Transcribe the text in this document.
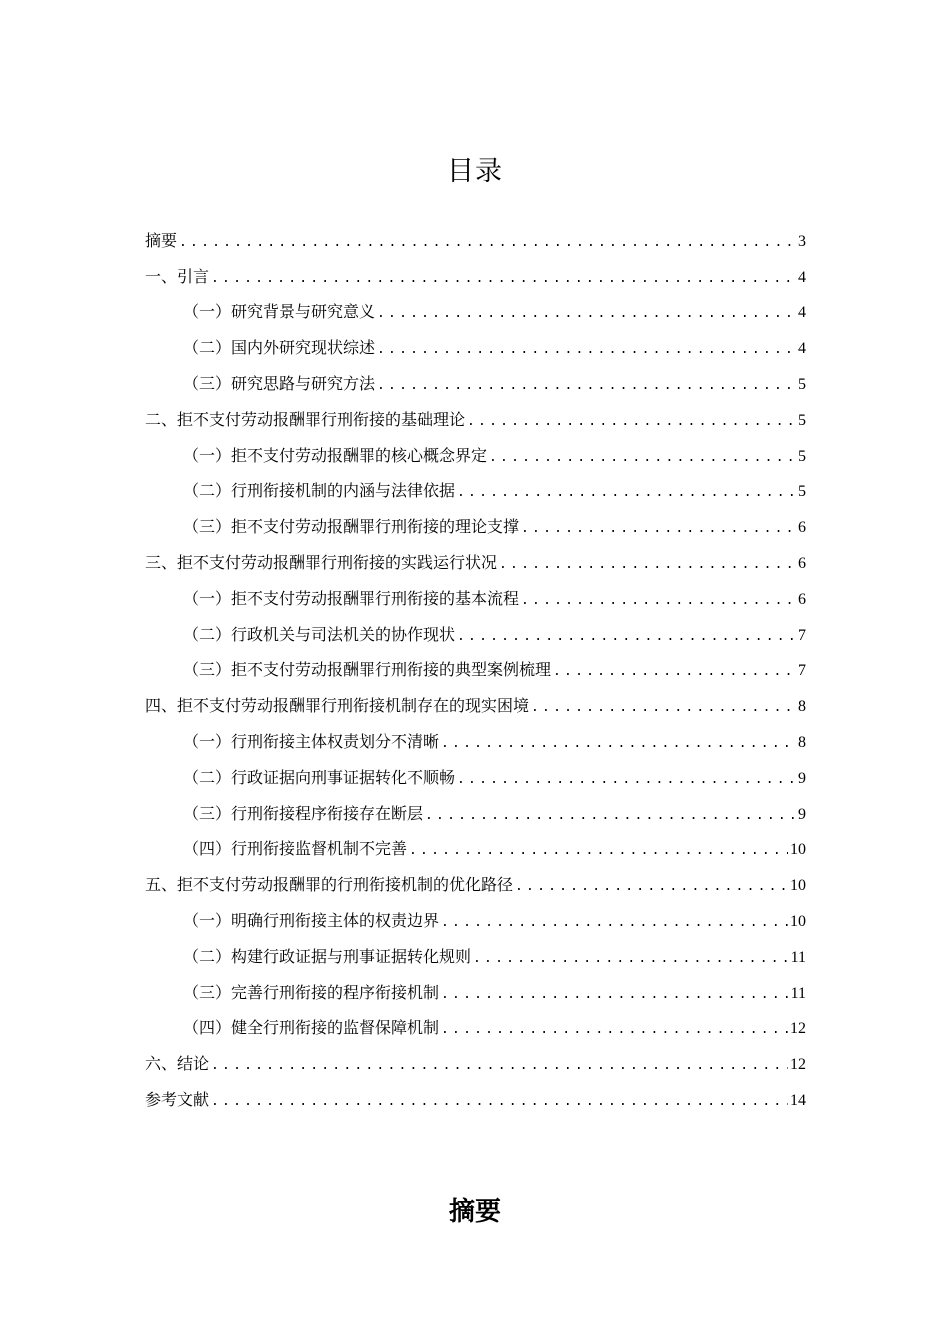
目录
摘要 .....	3
一、引言 .....	4
（一）研究背景与研究意义 .....	4
（二）国内外研究现状综述 .....	4
（三）研究思路与研究方法 .....	5
二、拒不支付劳动报酬罪行刑衔接的基础理论 .....	5
（一）拒不支付劳动报酬罪的核心概念界定 .....	5
（二）行刑衔接机制的内涵与法律依据 .....	5
（三）拒不支付劳动报酬罪行刑衔接的理论支撑 .....	6
三、拒不支付劳动报酬罪行刑衔接的实践运行状况 .....	6
（一）拒不支付劳动报酬罪行刑衔接的基本流程 .....	6
（二）行政机关与司法机关的协作现状 .....	7
（三）拒不支付劳动报酬罪行刑衔接的典型案例梳理 .....	7
四、拒不支付劳动报酬罪行刑衔接机制存在的现实困境 .....	8
（一）行刑衔接主体权责划分不清晰 .....	8
（二）行政证据向刑事证据转化不顺畅 .....	9
（三）行刑衔接程序衔接存在断层 .....	9
（四）行刑衔接监督机制不完善 .....	10
五、拒不支付劳动报酬罪的行刑衔接机制的优化路径 .....	10
（一）明确行刑衔接主体的权责边界 .....	10
（二）构建行政证据与刑事证据转化规则 .....	11
（三）完善行刑衔接的程序衔接机制 .....	11
（四）健全行刑衔接的监督保障机制 .....	12
六、结论 .....	12
参考文献 .....	14
摘要
